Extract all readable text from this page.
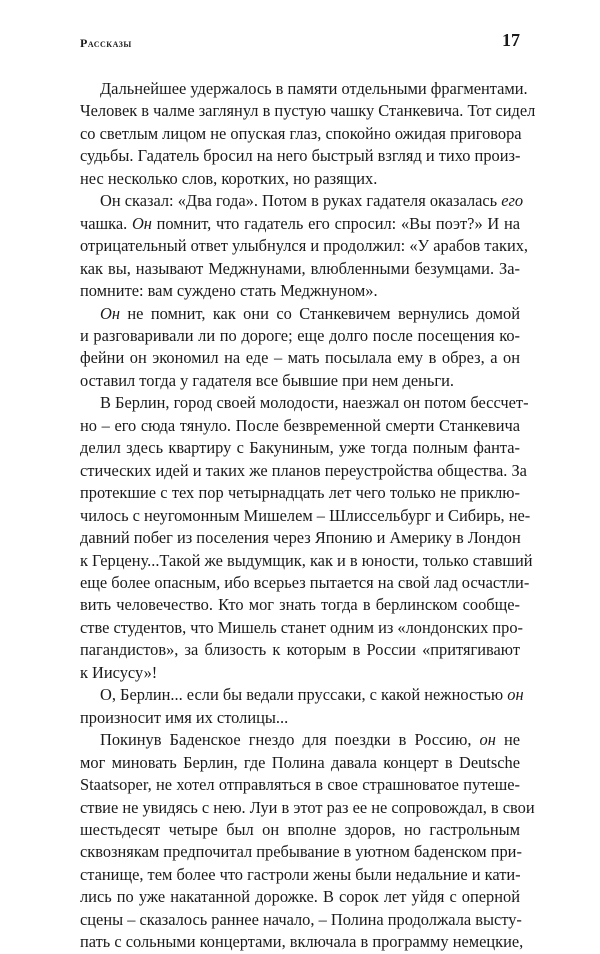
Рассказы	17
Дальнейшее удержалось в памяти отдельными фрагментами.
Человек в чалме заглянул в пустую чашку Станкевича. Тот сидел
со светлым лицом не опуская глаз, спокойно ожидая приговора
судьбы. Гадатель бросил на него быстрый взгляд и тихо произ-
нес несколько слов, коротких, но разящих.
Он сказал: «Два года». Потом в руках гадателя оказалась его
чашка. Он помнит, что гадатель его спросил: «Вы поэт?» И на
отрицательный ответ улыбнулся и продолжил: «У арабов таких,
как вы, называют Меджнунами, влюбленными безумцами. За-
помните: вам суждено стать Меджнуном».
Он не помнит, как они со Станкевичем вернулись домой
и разговаривали ли по дороге; еще долго после посещения ко-
фейни он экономил на еде – мать посылала ему в обрез, а он
оставил тогда у гадателя все бывшие при нем деньги.
В Берлин, город своей молодости, наезжал он потом бессчет-
но – его сюда тянуло. После безвременной смерти Станкевича
делил здесь квартиру с Бакуниным, уже тогда полным фанта-
стических идей и таких же планов переустройства общества. За
протекшие с тех пор четырнадцать лет чего только не приклю-
чилось с неугомонным Мишелем – Шлиссельбург и Сибирь, не-
давний побег из поселения через Японию и Америку в Лондон
к Герцену...Такой же выдумщик, как и в юности, только ставший
еще более опасным, ибо всерьез пытается на свой лад осчастли-
вить человечество. Кто мог знать тогда в берлинском сообще-
стве студентов, что Мишель станет одним из «лондонских про-
пагандистов», за близость к которым в России «притягивают
к Иисусу»!
О, Берлин... если бы ведали пруссаки, с какой нежностью он
произносит имя их столицы...
Покинув Баденское гнездо для поездки в Россию, он не
мог миновать Берлин, где Полина давала концерт в Deutsche
Staatsoper, не хотел отправляться в свое страшноватое путеше-
ствие не увидясь с нею. Луи в этот раз ее не сопровождал, в свои
шестьдесят четыре был он вполне здоров, но гастрольным
сквознякам предпочитал пребывание в уютном баденском при-
станище, тем более что гастроли жены были недальние и кати-
лись по уже накатанной дорожке. В сорок лет уйдя с оперной
сцены – сказалось раннее начало, – Полина продолжала высту-
пать с сольными концертами, включала в программу немецкие,
